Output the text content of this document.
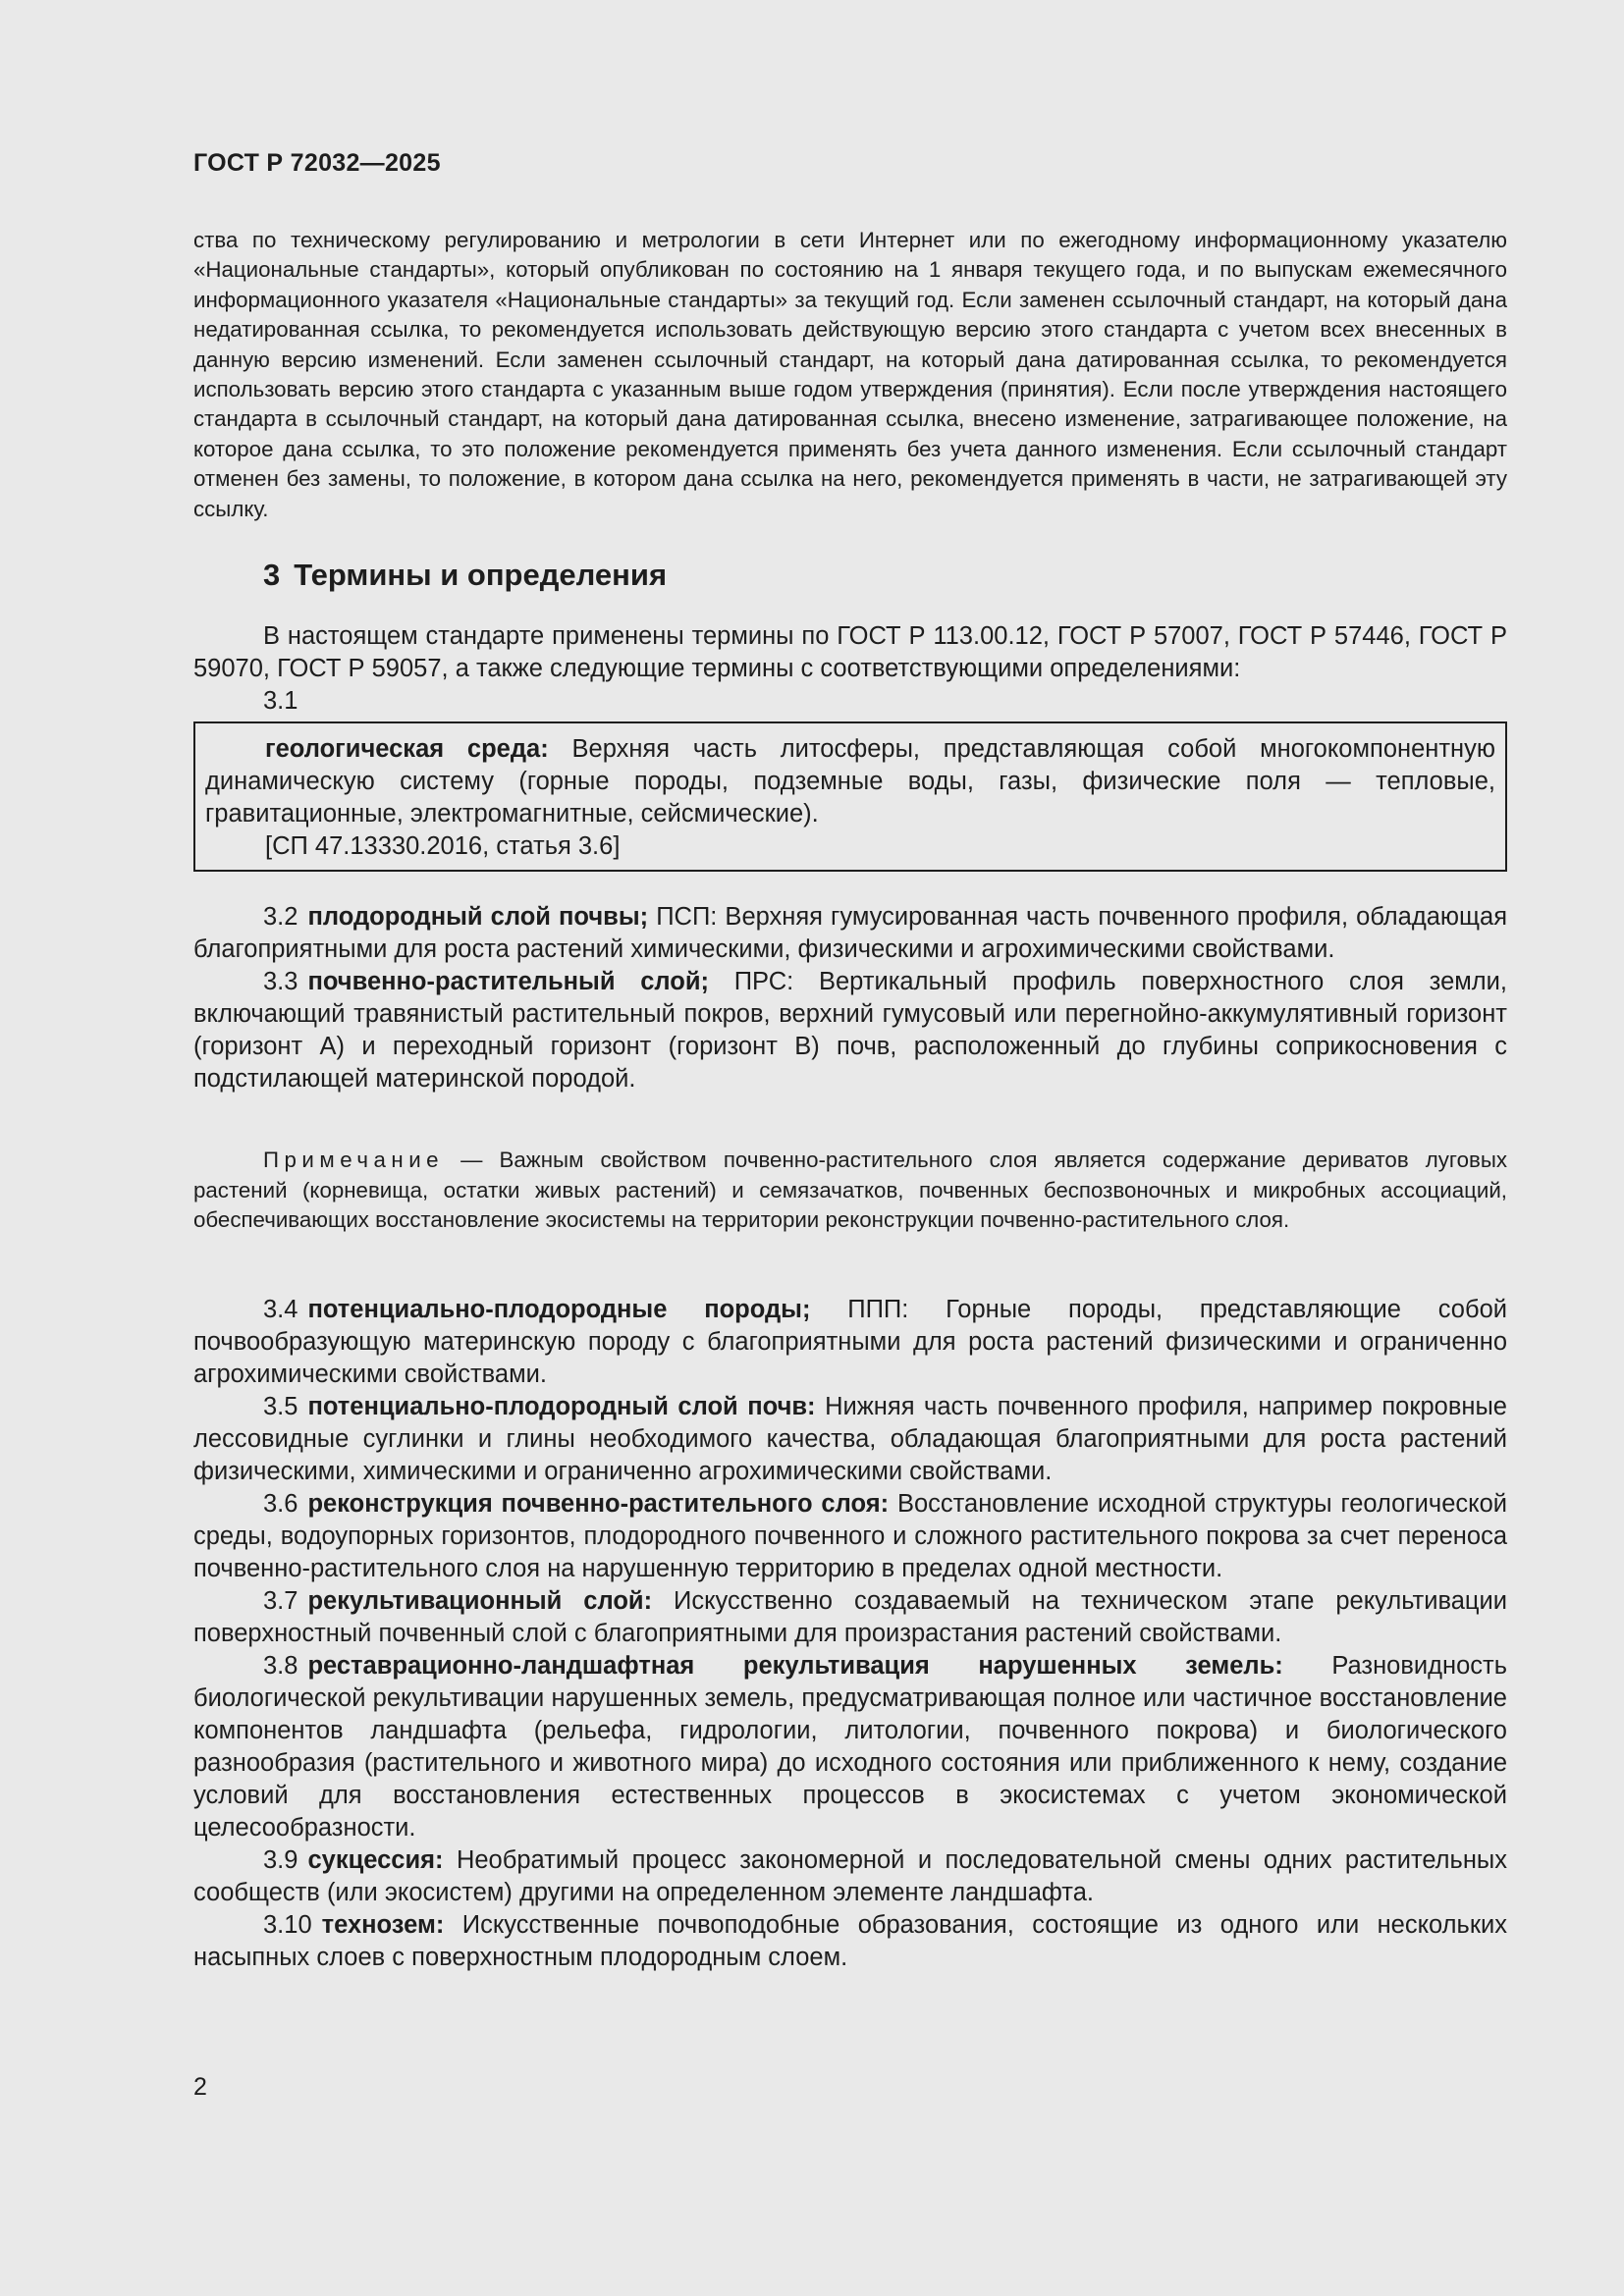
ГОСТ Р 72032—2025

ства по техническому регулированию и метрологии в сети Интернет или по ежегодному информационному указателю «Национальные стандарты», который опубликован по состоянию на 1 января текущего года, и по выпускам ежемесячного информационного указателя «Национальные стандарты» за текущий год. Если заменен ссылочный стандарт, на который дана недатированная ссылка, то рекомендуется использовать действующую версию этого стандарта с учетом всех внесенных в данную версию изменений. Если заменен ссылочный стандарт, на который дана датированная ссылка, то рекомендуется использовать версию этого стандарта с указанным выше годом утверждения (принятия). Если после утверждения настоящего стандарта в ссылочный стандарт, на который дана датированная ссылка, внесено изменение, затрагивающее положение, на которое дана ссылка, то это положение рекомендуется применять без учета данного изменения. Если ссылочный стандарт отменен без замены, то положение, в котором дана ссылка на него, рекомендуется применять в части, не затрагивающей эту ссылку.

3 Термины и определения

В настоящем стандарте применены термины по ГОСТ Р 113.00.12, ГОСТ Р 57007, ГОСТ Р 57446, ГОСТ Р 59070, ГОСТ Р 59057, а также следующие термины с соответствующими определениями:

3.1

геологическая среда: Верхняя часть литосферы, представляющая собой многокомпонентную динамическую систему (горные породы, подземные воды, газы, физические поля — тепловые, гравитационные, электромагнитные, сейсмические).

[СП 47.13330.2016, статья 3.6]

3.2 плодородный слой почвы; ПСП: Верхняя гумусированная часть почвенного профиля, обладающая благоприятными для роста растений химическими, физическими и агрохимическими свойствами.

3.3 почвенно-растительный слой; ПРС: Вертикальный профиль поверхностного слоя земли, включающий травянистый растительный покров, верхний гумусовый или перегнойно-аккумулятивный горизонт (горизонт А) и переходный горизонт (горизонт В) почв, расположенный до глубины соприкосновения с подстилающей материнской породой.

Примечание — Важным свойством почвенно-растительного слоя является содержание дериватов луговых растений (корневища, остатки живых растений) и семязачатков, почвенных беспозвоночных и микробных ассоциаций, обеспечивающих восстановление экосистемы на территории реконструкции почвенно-растительного слоя.

3.4 потенциально-плодородные породы; ППП: Горные породы, представляющие собой почвообразующую материнскую породу с благоприятными для роста растений физическими и ограниченно агрохимическими свойствами.

3.5 потенциально-плодородный слой почв: Нижняя часть почвенного профиля, например покровные лессовидные суглинки и глины необходимого качества, обладающая благоприятными для роста растений физическими, химическими и ограниченно агрохимическими свойствами.

3.6 реконструкция почвенно-растительного слоя: Восстановление исходной структуры геологической среды, водоупорных горизонтов, плодородного почвенного и сложного растительного покрова за счет переноса почвенно-растительного слоя на нарушенную территорию в пределах одной местности.

3.7 рекультивационный слой: Искусственно создаваемый на техническом этапе рекультивации поверхностный почвенный слой с благоприятными для произрастания растений свойствами.

3.8 реставрационно-ландшафтная рекультивация нарушенных земель: Разновидность биологической рекультивации нарушенных земель, предусматривающая полное или частичное восстановление компонентов ландшафта (рельефа, гидрологии, литологии, почвенного покрова) и биологического разнообразия (растительного и животного мира) до исходного состояния или приближенного к нему, создание условий для восстановления естественных процессов в экосистемах с учетом экономической целесообразности.

3.9 сукцессия: Необратимый процесс закономерной и последовательной смены одних растительных сообществ (или экосистем) другими на определенном элементе ландшафта.

3.10 технозем: Искусственные почвоподобные образования, состоящие из одного или нескольких насыпных слоев с поверхностным плодородным слоем.

2
